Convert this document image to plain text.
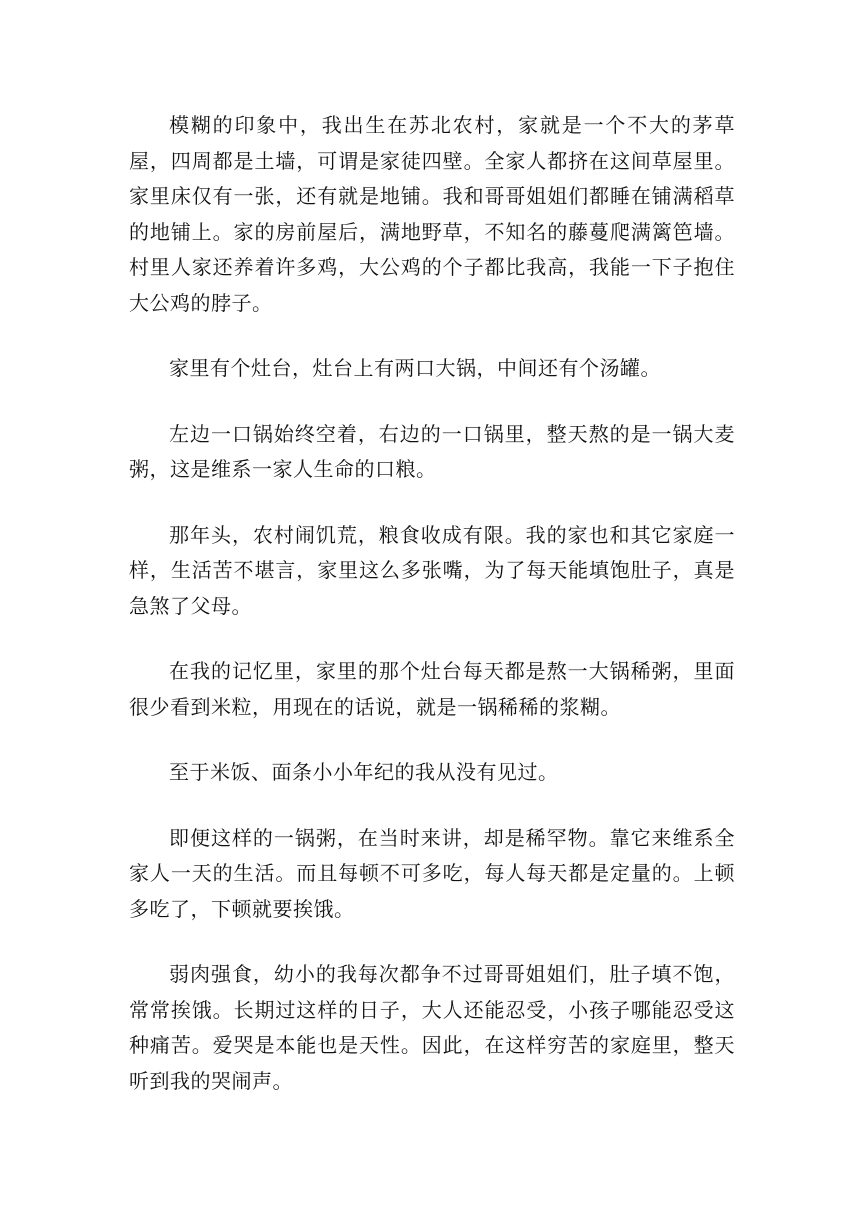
模糊的印象中，我出生在苏北农村，家就是一个不大的茅草屋，四周都是土墙，可谓是家徒四壁。全家人都挤在这间草屋里。家里床仅有一张，还有就是地铺。我和哥哥姐姐们都睡在铺满稻草的地铺上。家的房前屋后，满地野草，不知名的藤蔓爬满篱笆墙。村里人家还养着许多鸡，大公鸡的个子都比我高，我能一下子抱住大公鸡的脖子。

家里有个灶台，灶台上有两口大锅，中间还有个汤罐。

左边一口锅始终空着，右边的一口锅里，整天熬的是一锅大麦粥，这是维系一家人生命的口粮。

那年头，农村闹饥荒，粮食收成有限。我的家也和其它家庭一样，生活苦不堪言，家里这么多张嘴，为了每天能填饱肚子，真是急煞了父母。

在我的记忆里，家里的那个灶台每天都是熬一大锅稀粥，里面很少看到米粒，用现在的话说，就是一锅稀稀的浆糊。

至于米饭、面条小小年纪的我从没有见过。

即便这样的一锅粥，在当时来讲，却是稀罕物。靠它来维系全家人一天的生活。而且每顿不可多吃，每人每天都是定量的。上顿多吃了，下顿就要挨饿。

弱肉强食，幼小的我每次都争不过哥哥姐姐们，肚子填不饱，常常挨饿。长期过这样的日子，大人还能忍受，小孩子哪能忍受这种痛苦。爱哭是本能也是天性。因此，在这样穷苦的家庭里，整天听到我的哭闹声。
